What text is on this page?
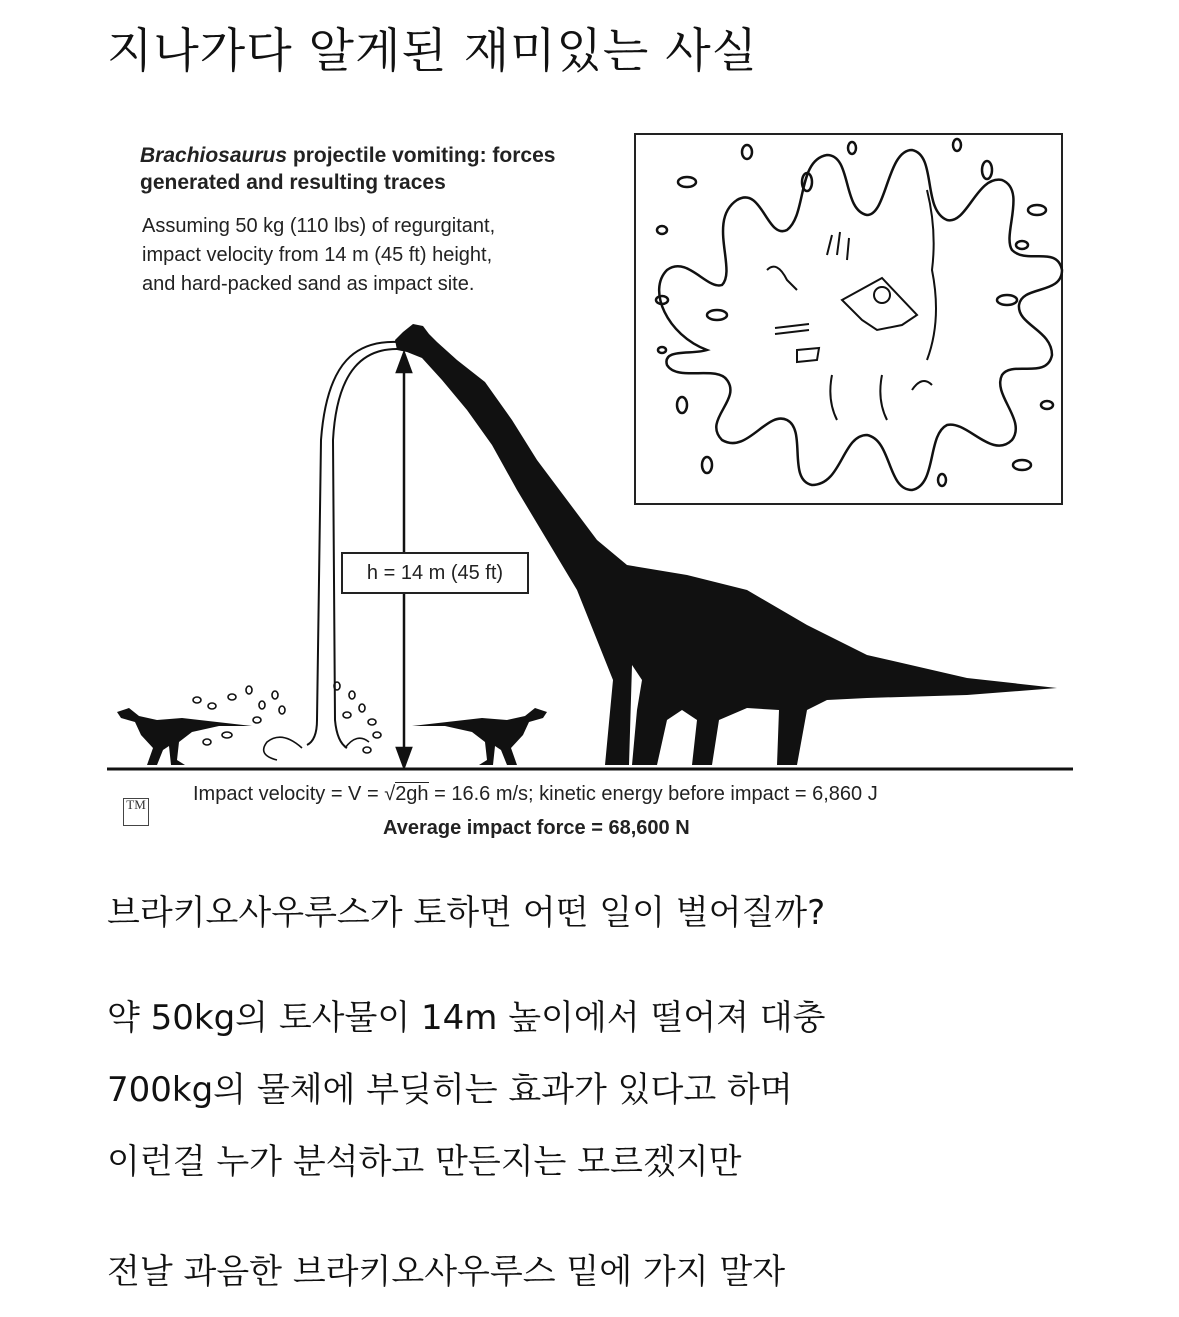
지나가다 알게된 재미있는 사실
Brachiosaurus projectile vomiting: forces
generated and resulting traces
Assuming 50 kg (110 lbs) of regurgitant,
impact velocity from 14 m (45 ft) height,
and hard-packed sand as impact site.
h = 14 m (45 ft)
TM Impact velocity = V = √2gh = 16.6 m/s; kinetic energy before impact = 6,860 J
Average impact force = 68,600 N
브라키오사우루스가 토하면 어떤 일이 벌어질까?
약 50kg의 토사물이 14m 높이에서 떨어져 대충
700kg의 물체에 부딪히는 효과가 있다고 하며
이런걸 누가 분석하고 만든지는 모르겠지만
전날 과음한 브라키오사우루스 밑에 가지 말자
